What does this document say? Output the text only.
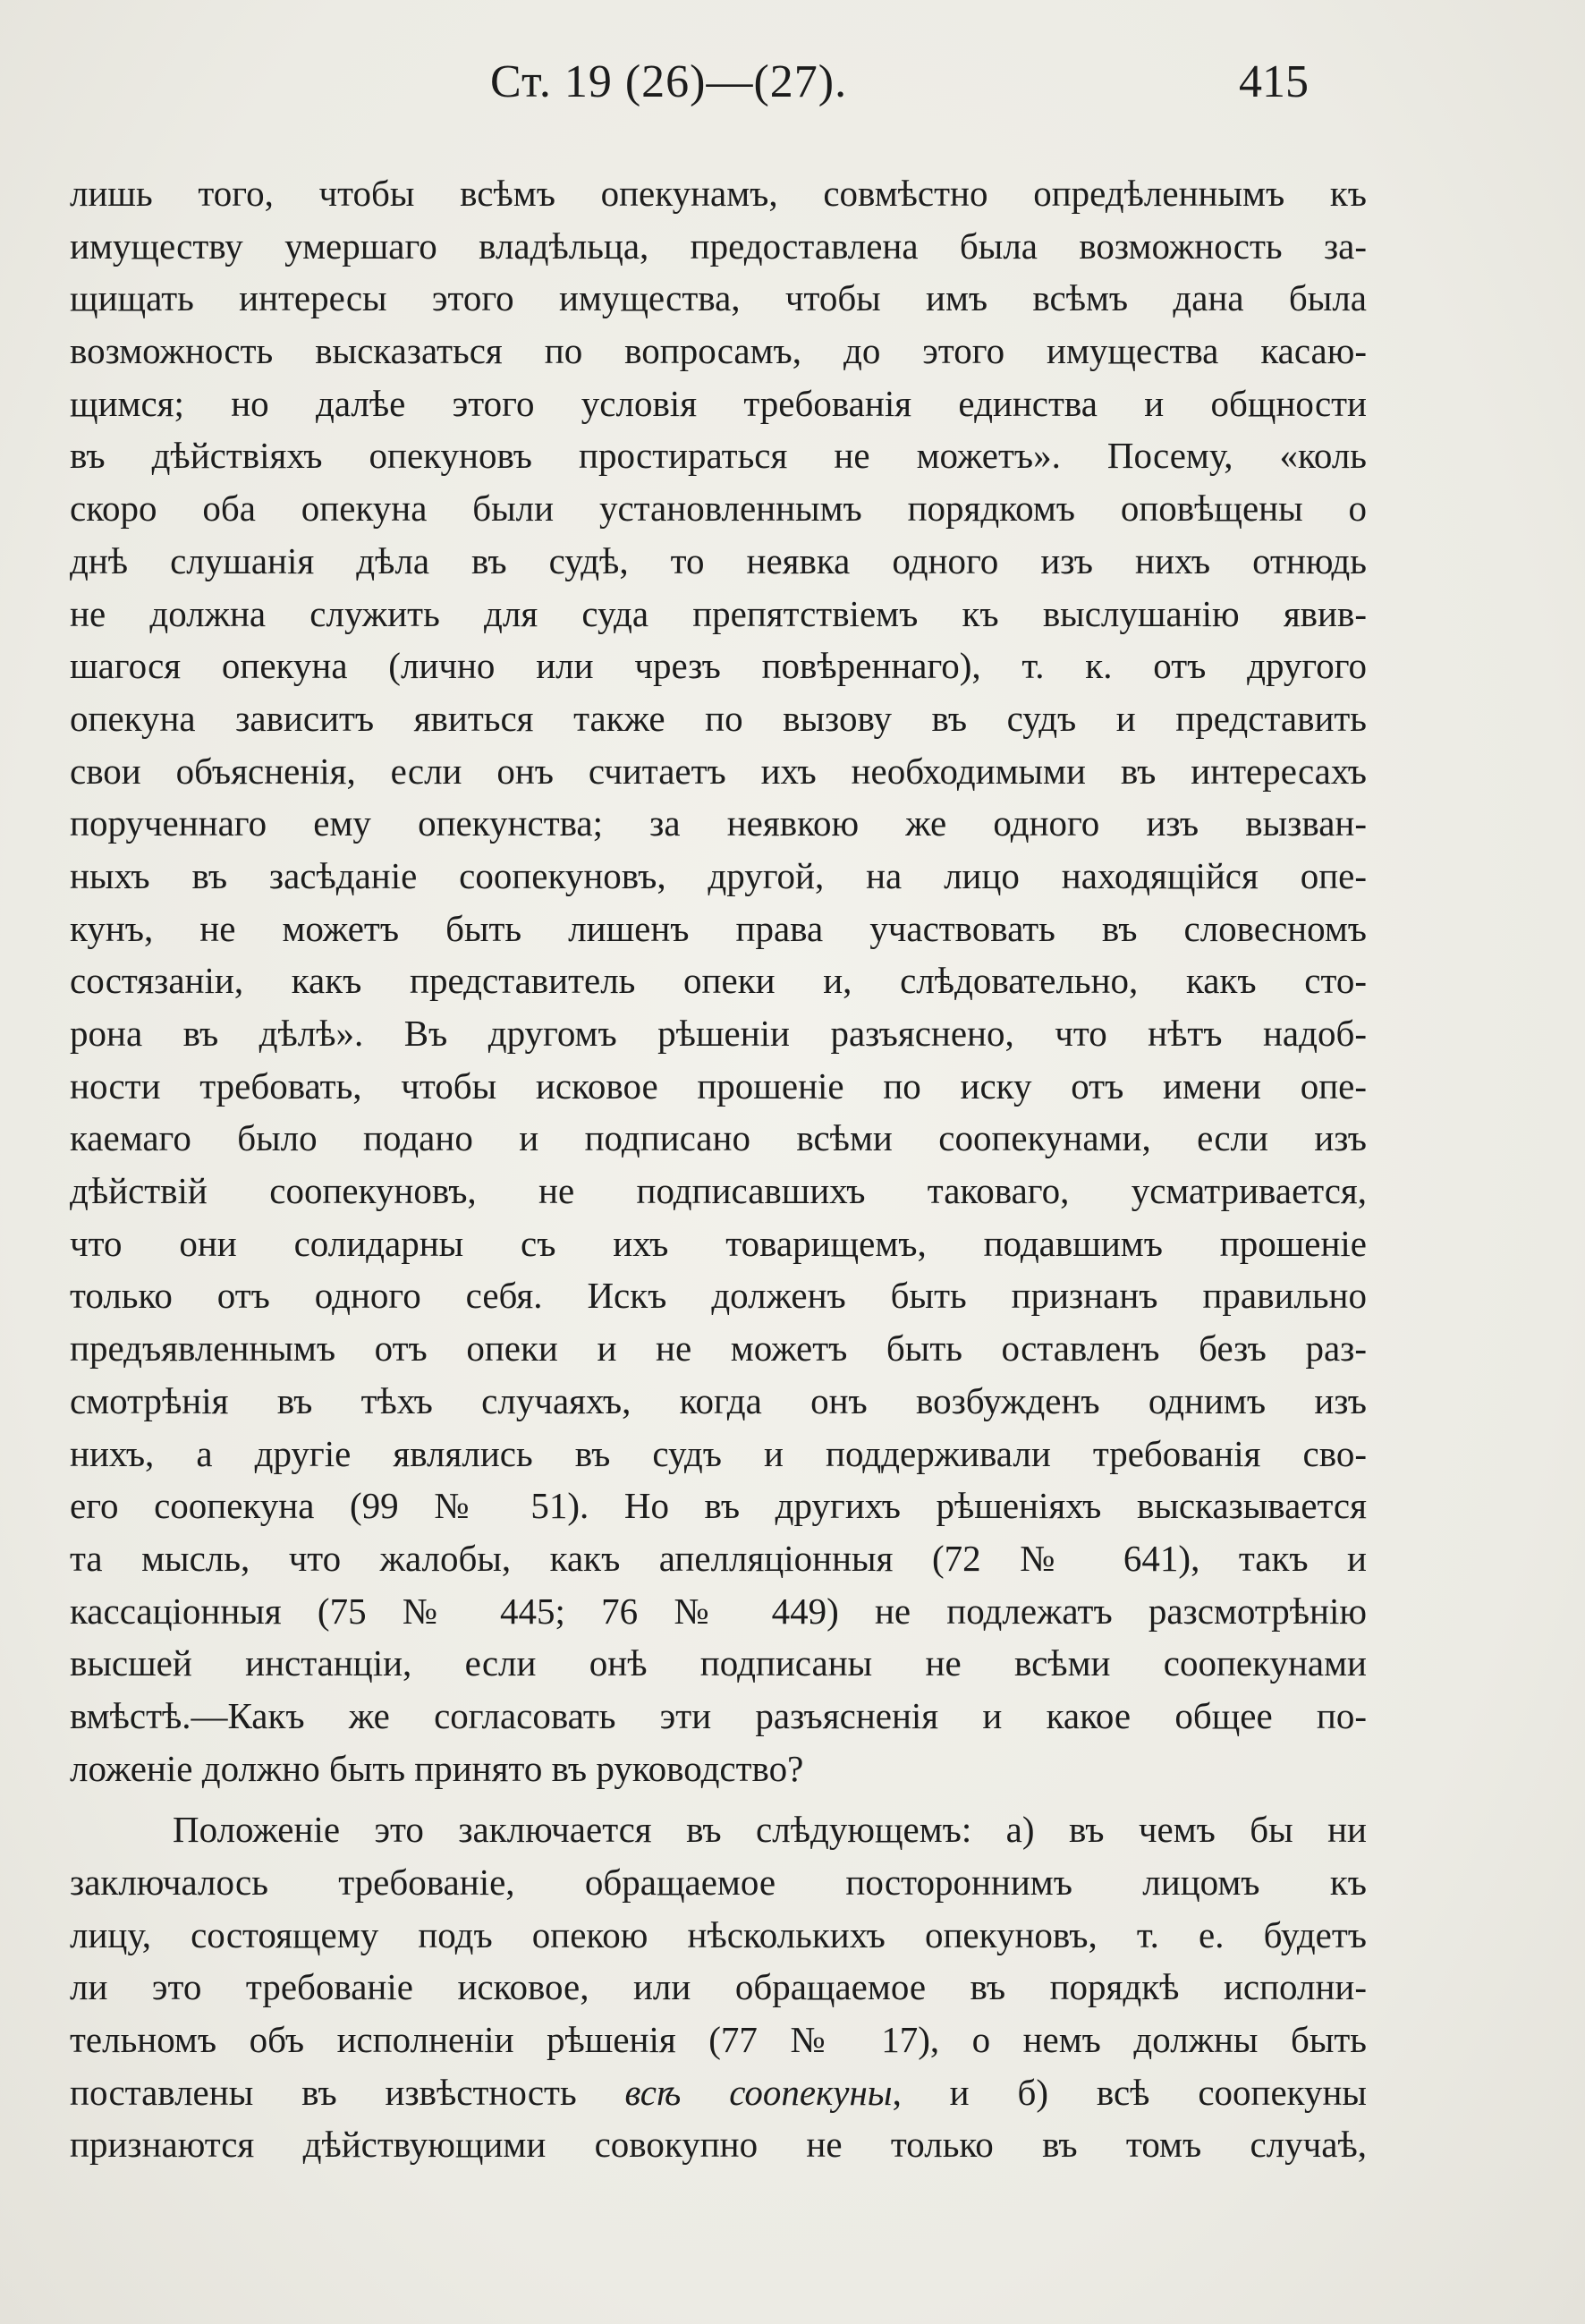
Ст. 19 (26)—(27).	415
лишь того, чтобы всѣмъ опекунамъ, совмѣстно опредѣленнымъ къ
имуществу умершаго владѣльца, предоставлена была возможность за-
щищать интересы этого имущества, чтобы имъ всѣмъ дана была
возможность высказаться по вопросамъ, до этого имущества касаю-
щимся; но далѣе этого условія требованія единства и общности
въ дѣйствіяхъ опекуновъ простираться не можетъ». Посему, «коль
скоро оба опекуна были установленнымъ порядкомъ оповѣщены о
днѣ слушанія дѣла въ судѣ, то неявка одного изъ нихъ отнюдь
не должна служить для суда препятствіемъ къ выслушанію явив-
шагося опекуна (лично или чрезъ повѣреннаго), т. к. отъ другого
опекуна зависитъ явиться также по вызову въ судъ и представить
свои объясненія, если онъ считаетъ ихъ необходимыми въ интересахъ
порученнаго ему опекунства; за неявкою же одного изъ вызван-
ныхъ въ засѣданіе соопекуновъ, другой, на лицо находящійся опе-
кунъ, не можетъ быть лишенъ права участвовать въ словесномъ
состязаніи, какъ представитель опеки и, слѣдовательно, какъ сто-
рона въ дѣлѣ». Въ другомъ рѣшеніи разъяснено, что нѣтъ надоб-
ности требовать, чтобы исковое прошеніе по иску отъ имени опе-
каемаго было подано и подписано всѣми соопекунами, если изъ
дѣйствій соопекуновъ, не подписавшихъ таковаго, усматривается,
что они солидарны съ ихъ товарищемъ, подавшимъ прошеніе
только отъ одного себя. Искъ долженъ быть признанъ правильно
предъявленнымъ отъ опеки и не можетъ быть оставленъ безъ раз-
смотрѣнія въ тѣхъ случаяхъ, когда онъ возбужденъ однимъ изъ
нихъ, а другіе являлись въ судъ и поддерживали требованія сво-
его соопекуна (99 № 51). Но въ другихъ рѣшеніяхъ высказывается
та мысль, что жалобы, какъ апелляціонныя (72 № 641), такъ и
кассаціонныя (75 № 445; 76 № 449) не подлежатъ разсмотрѣнію
высшей инстанціи, если онѣ подписаны не всѣми соопекунами
вмѣстѣ.—Какъ же согласовать эти разъясненія и какое общее по-
ложеніе должно быть принято въ руководство?
Положеніе это заключается въ слѣдующемъ: а) въ чемъ бы ни
заключалось требованіе, обращаемое постороннимъ лицомъ къ
лицу, состоящему подъ опекою нѣсколькихъ опекуновъ, т. е. будетъ
ли это требованіе исковое, или обращаемое въ порядкѣ исполни-
тельномъ объ исполненіи рѣшенія (77 № 17), о немъ должны быть
поставлены въ извѣстность всѣ соопекуны, и б) всѣ соопекуны
признаются дѣйствующими совокупно не только въ томъ случаѣ,
